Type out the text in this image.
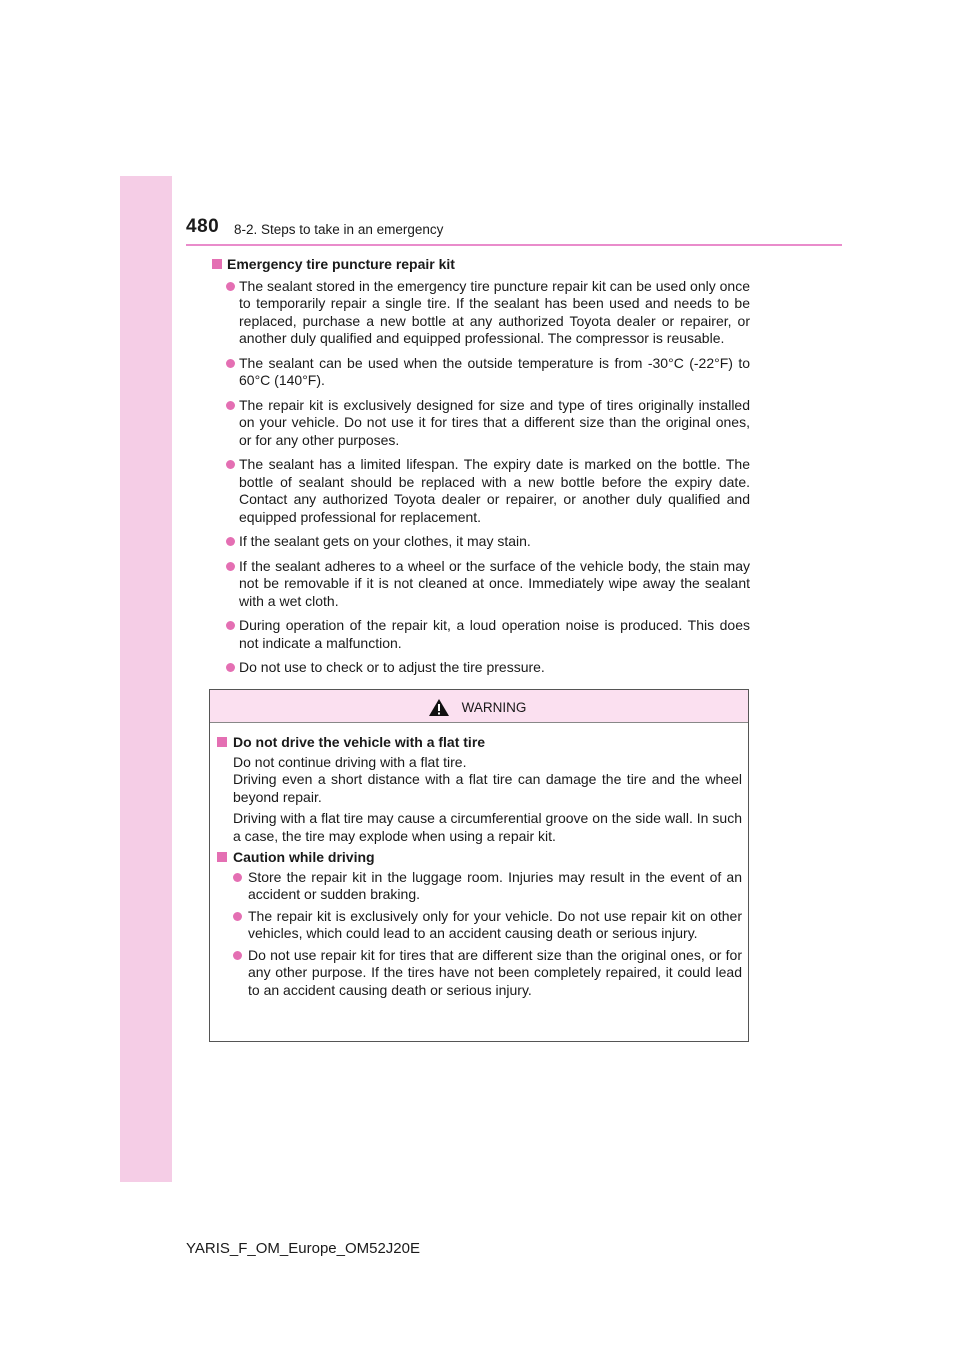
480 8-2. Steps to take in an emergency
Emergency tire puncture repair kit
The sealant stored in the emergency tire puncture repair kit can be used only once to temporarily repair a single tire. If the sealant has been used and needs to be replaced, purchase a new bottle at any authorized Toyota dealer or repairer, or another duly qualified and equipped professional. The compressor is reusable.
The sealant can be used when the outside temperature is from -30°C (-22°F) to 60°C (140°F).
The repair kit is exclusively designed for size and type of tires originally installed on your vehicle. Do not use it for tires that a different size than the original ones, or for any other purposes.
The sealant has a limited lifespan. The expiry date is marked on the bottle. The bottle of sealant should be replaced with a new bottle before the expiry date. Contact any authorized Toyota dealer or repairer, or another duly qualified and equipped professional for replacement.
If the sealant gets on your clothes, it may stain.
If the sealant adheres to a wheel or the surface of the vehicle body, the stain may not be removable if it is not cleaned at once. Immediately wipe away the sealant with a wet cloth.
During operation of the repair kit, a loud operation noise is produced. This does not indicate a malfunction.
Do not use to check or to adjust the tire pressure.
WARNING
Do not drive the vehicle with a flat tire
Do not continue driving with a flat tire.
Driving even a short distance with a flat tire can damage the tire and the wheel beyond repair.
Driving with a flat tire may cause a circumferential groove on the side wall. In such a case, the tire may explode when using a repair kit.
Caution while driving
Store the repair kit in the luggage room. Injuries may result in the event of an accident or sudden braking.
The repair kit is exclusively only for your vehicle. Do not use repair kit on other vehicles, which could lead to an accident causing death or serious injury.
Do not use repair kit for tires that are different size than the original ones, or for any other purpose. If the tires have not been completely repaired, it could lead to an accident causing death or serious injury.
YARIS_F_OM_Europe_OM52J20E
